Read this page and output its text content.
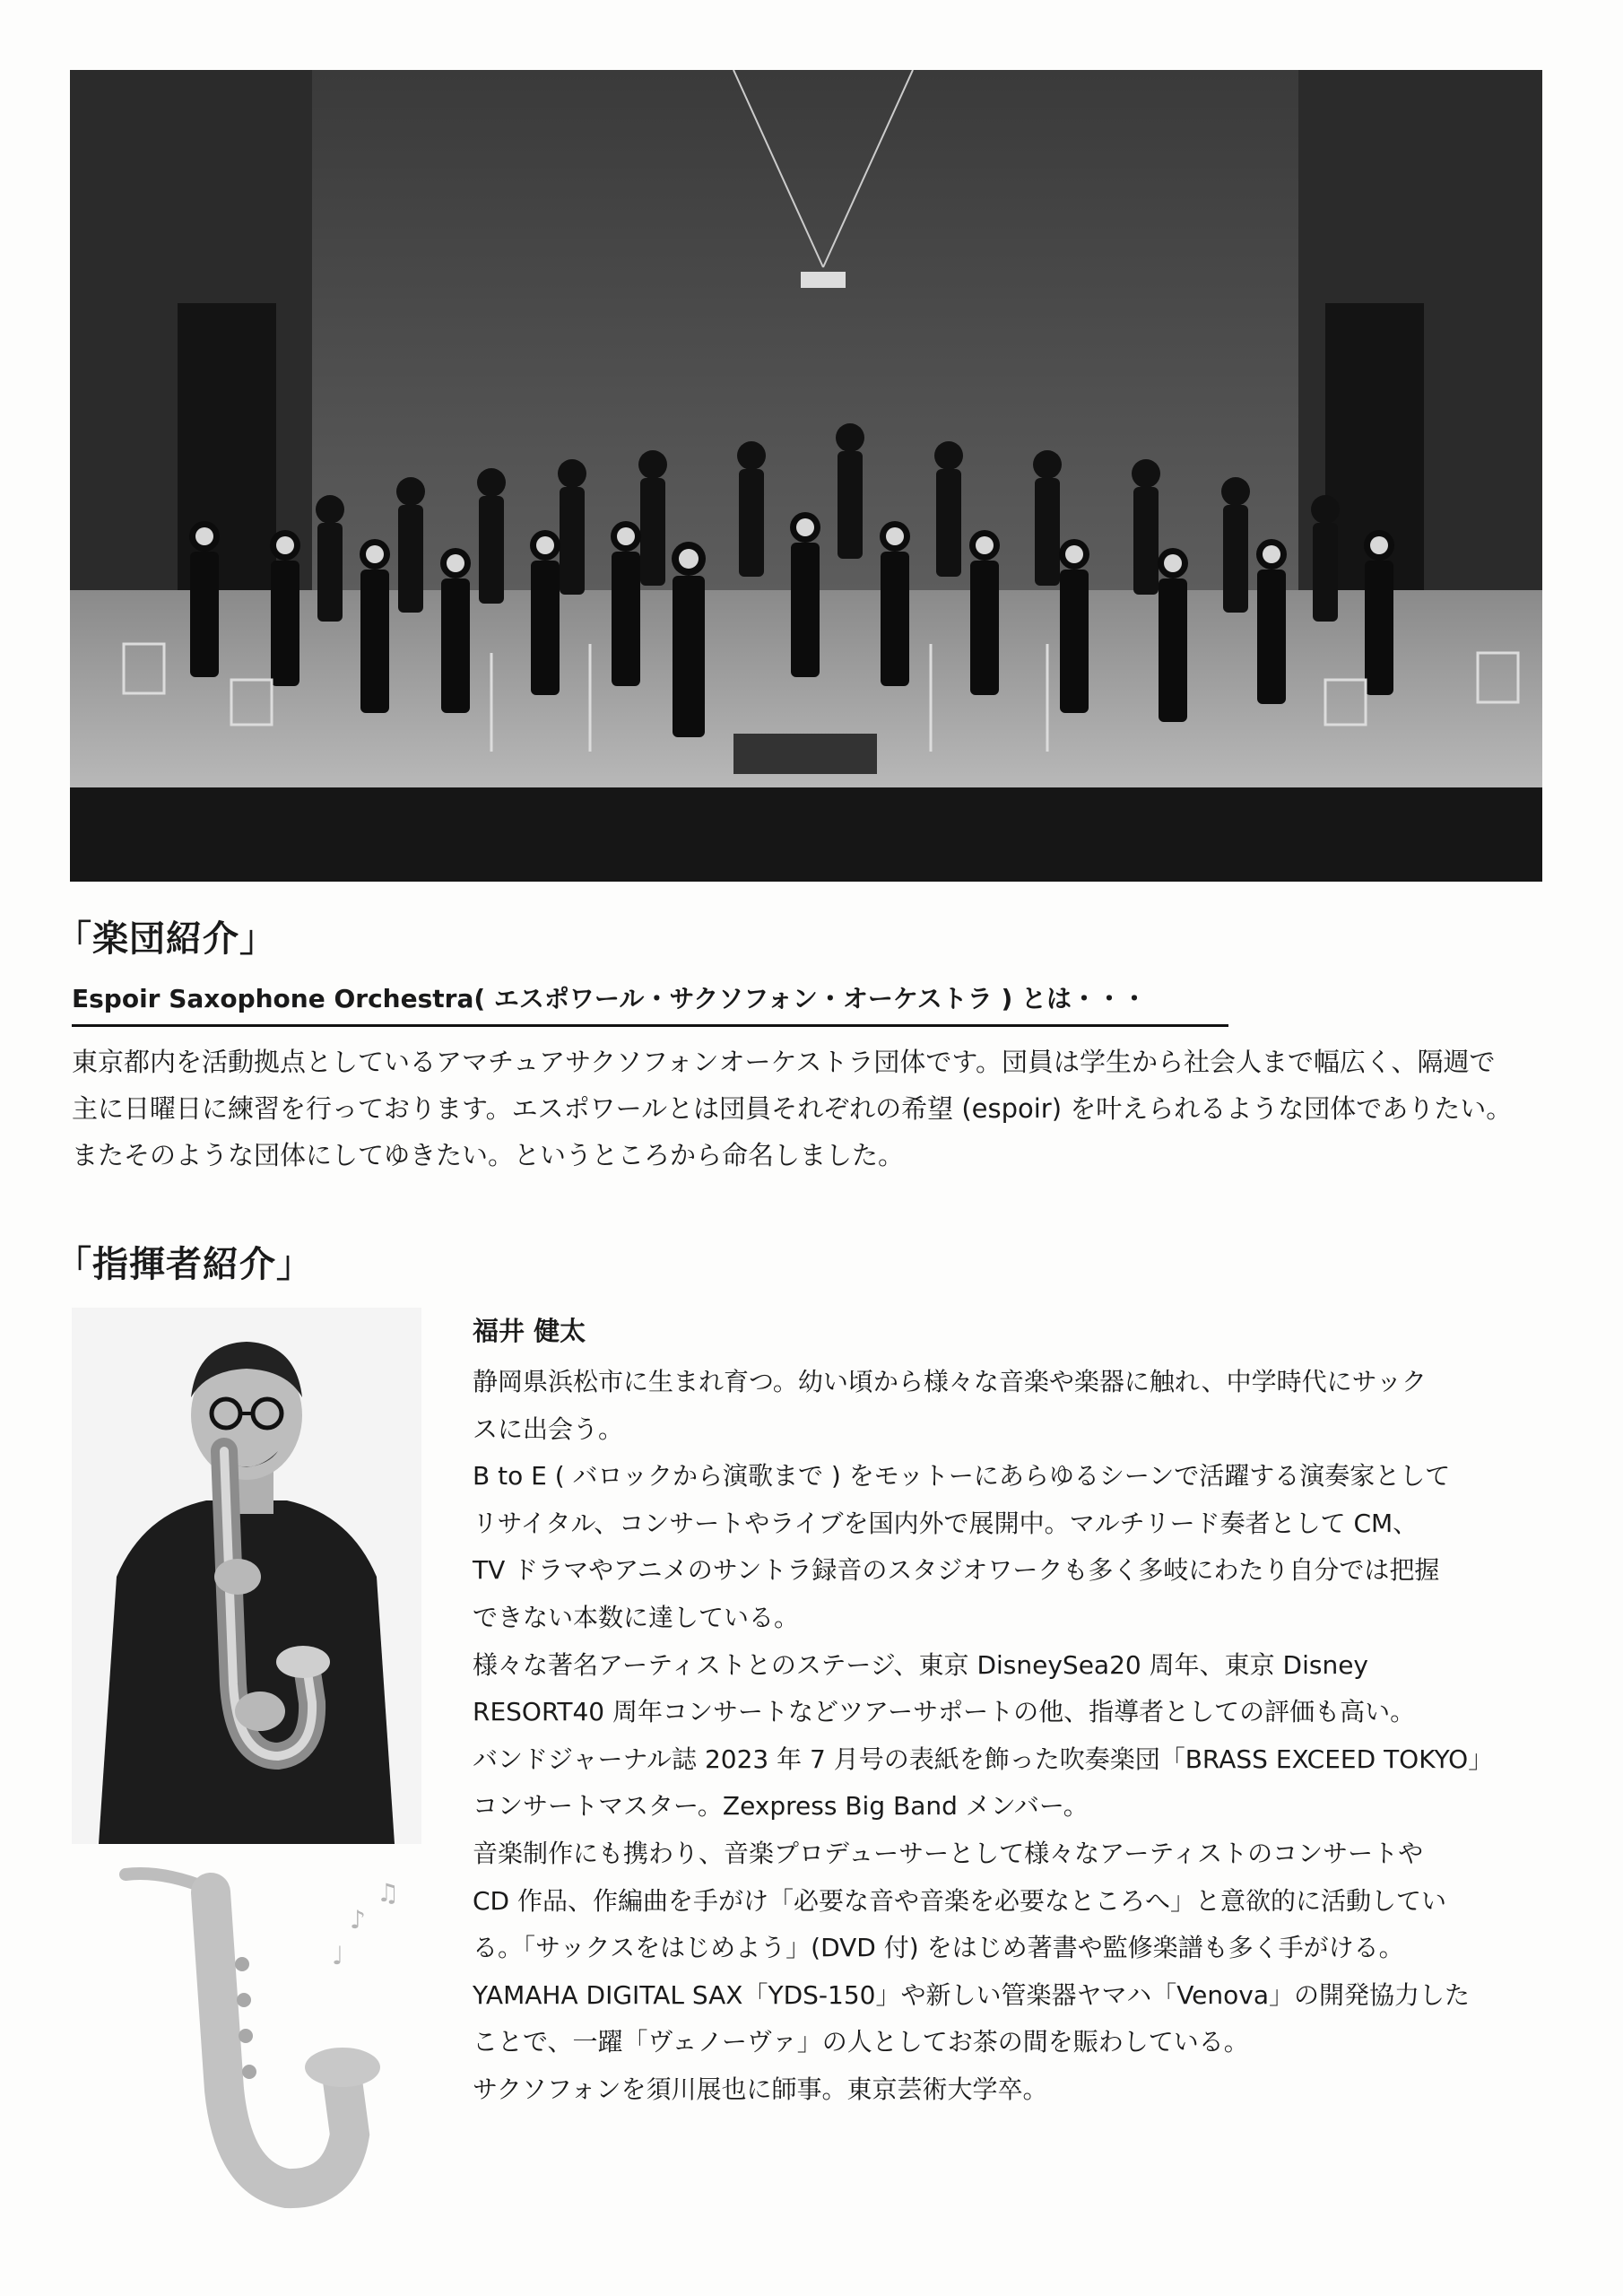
「楽団紹介」
Espoir Saxophone Orchestra( エスポワール・サクソフォン・オーケストラ ) とは・・・

東京都内を活動拠点としているアマチュアサクソフォンオーケストラ団体です。団員は学生から社会人まで幅広く、隔週で

主に日曜日に練習を行っております。エスポワールとは団員それぞれの希望 (espoir) を叶えられるような団体でありたい。

またそのような団体にしてゆきたい。というところから命名しました。

「指揮者紹介」
♪
♫
♩
福井 健太

静岡県浜松市に生まれ育つ。幼い頃から様々な音楽や楽器に触れ、中学時代にサック

スに出会う。

B to E ( バロックから演歌まで ) をモットーにあらゆるシーンで活躍する演奏家として

リサイタル、コンサートやライブを国内外で展開中。マルチリード奏者として CM、

TV ドラマやアニメのサントラ録音のスタジオワークも多く多岐にわたり自分では把握

できない本数に達している。

様々な著名アーティストとのステージ、東京 DisneySea20 周年、東京 Disney

RESORT40 周年コンサートなどツアーサポートの他、指導者としての評価も高い。

バンドジャーナル誌 2023 年 7 月号の表紙を飾った吹奏楽団「BRASS EXCEED TOKYO」

コンサートマスター。Zexpress Big Band メンバー。

音楽制作にも携わり、音楽プロデューサーとして様々なアーティストのコンサートや

CD 作品、作編曲を手がけ「必要な音や音楽を必要なところへ」と意欲的に活動してい

る。「サックスをはじめよう」(DVD 付) をはじめ著書や監修楽譜も多く手がける。

YAMAHA DIGITAL SAX「YDS-150」や新しい管楽器ヤマハ「Venova」の開発協力した

ことで、一躍「ヴェノーヴァ」の人としてお茶の間を賑わしている。

サクソフォンを須川展也に師事。東京芸術大学卒。
